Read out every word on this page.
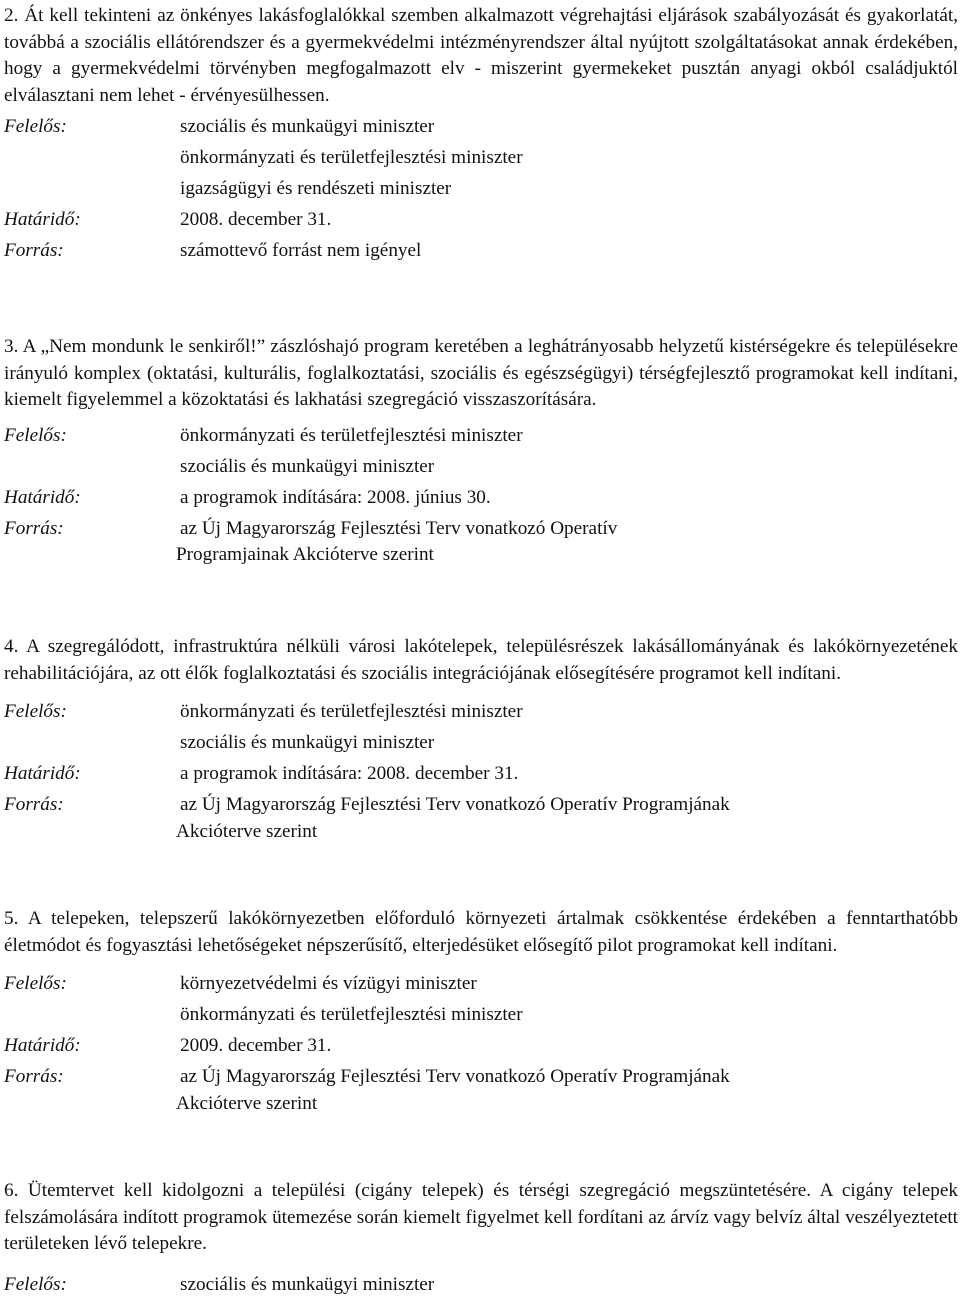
2. Át kell tekinteni az önkényes lakásfoglalókkal szemben alkalmazott végrehajtási eljárások szabályozását és gyakorlatát, továbbá a szociális ellátórendszer és a gyermekvédelmi intézményrendszer által nyújtott szolgáltatásokat annak érdekében, hogy a gyermekvédelmi törvényben megfogalmazott elv - miszerint gyermekeket pusztán anyagi okból családjuktól elválasztani nem lehet - érvényesülhessen.

Felelős:	szociális és munkaügyi miniszter
önkormányzati és területfejlesztési miniszter
igazságügyi és rendészeti miniszter
Határidő:	2008. december 31.
Forrás:	számottevő forrást nem igényel

3. A „Nem mondunk le senkiről!” zászlóshajó program keretében a leghátrányosabb helyzetű kistérségekre és településekre irányuló komplex (oktatási, kulturális, foglalkoztatási, szociális és egészségügyi) térségfejlesztő programokat kell indítani, kiemelt figyelemmel a közoktatási és lakhatási szegregáció visszaszorítására.

Felelős:	önkormányzati és területfejlesztési miniszter
szociális és munkaügyi miniszter
Határidő:	a programok indítására: 2008. június 30.
Forrás:	az Új Magyarország Fejlesztési Terv vonatkozó Operatív
Programjainak Akcióterve szerint

4. A szegregálódott, infrastruktúra nélküli városi lakótelepek, településrészek lakásállományának és lakókörnyezetének rehabilitációjára, az ott élők foglalkoztatási és szociális integrációjának elősegítésére programot kell indítani.

Felelős:	önkormányzati és területfejlesztési miniszter
szociális és munkaügyi miniszter
Határidő:	a programok indítására: 2008. december 31.
Forrás:	az Új Magyarország Fejlesztési Terv vonatkozó Operatív Programjának
Akcióterve szerint

5. A telepeken, telepszerű lakókörnyezetben előforduló környezeti ártalmak csökkentése érdekében a fenntarthatóbb életmódot és fogyasztási lehetőségeket népszerűsítő, elterjedésüket elősegítő pilot programokat kell indítani.

Felelős:	környezetvédelmi és vízügyi miniszter
önkormányzati és területfejlesztési miniszter
Határidő:	2009. december 31.
Forrás:	az Új Magyarország Fejlesztési Terv vonatkozó Operatív Programjának
Akcióterve szerint

6. Ütemtervet kell kidolgozni a települési (cigány telepek) és térségi szegregáció megszüntetésére. A cigány telepek felszámolására indított programok ütemezése során kiemelt figyelmet kell fordítani az árvíz vagy belvíz által veszélyeztetett területeken lévő telepekre.

Felelős:	szociális és munkaügyi miniszter
